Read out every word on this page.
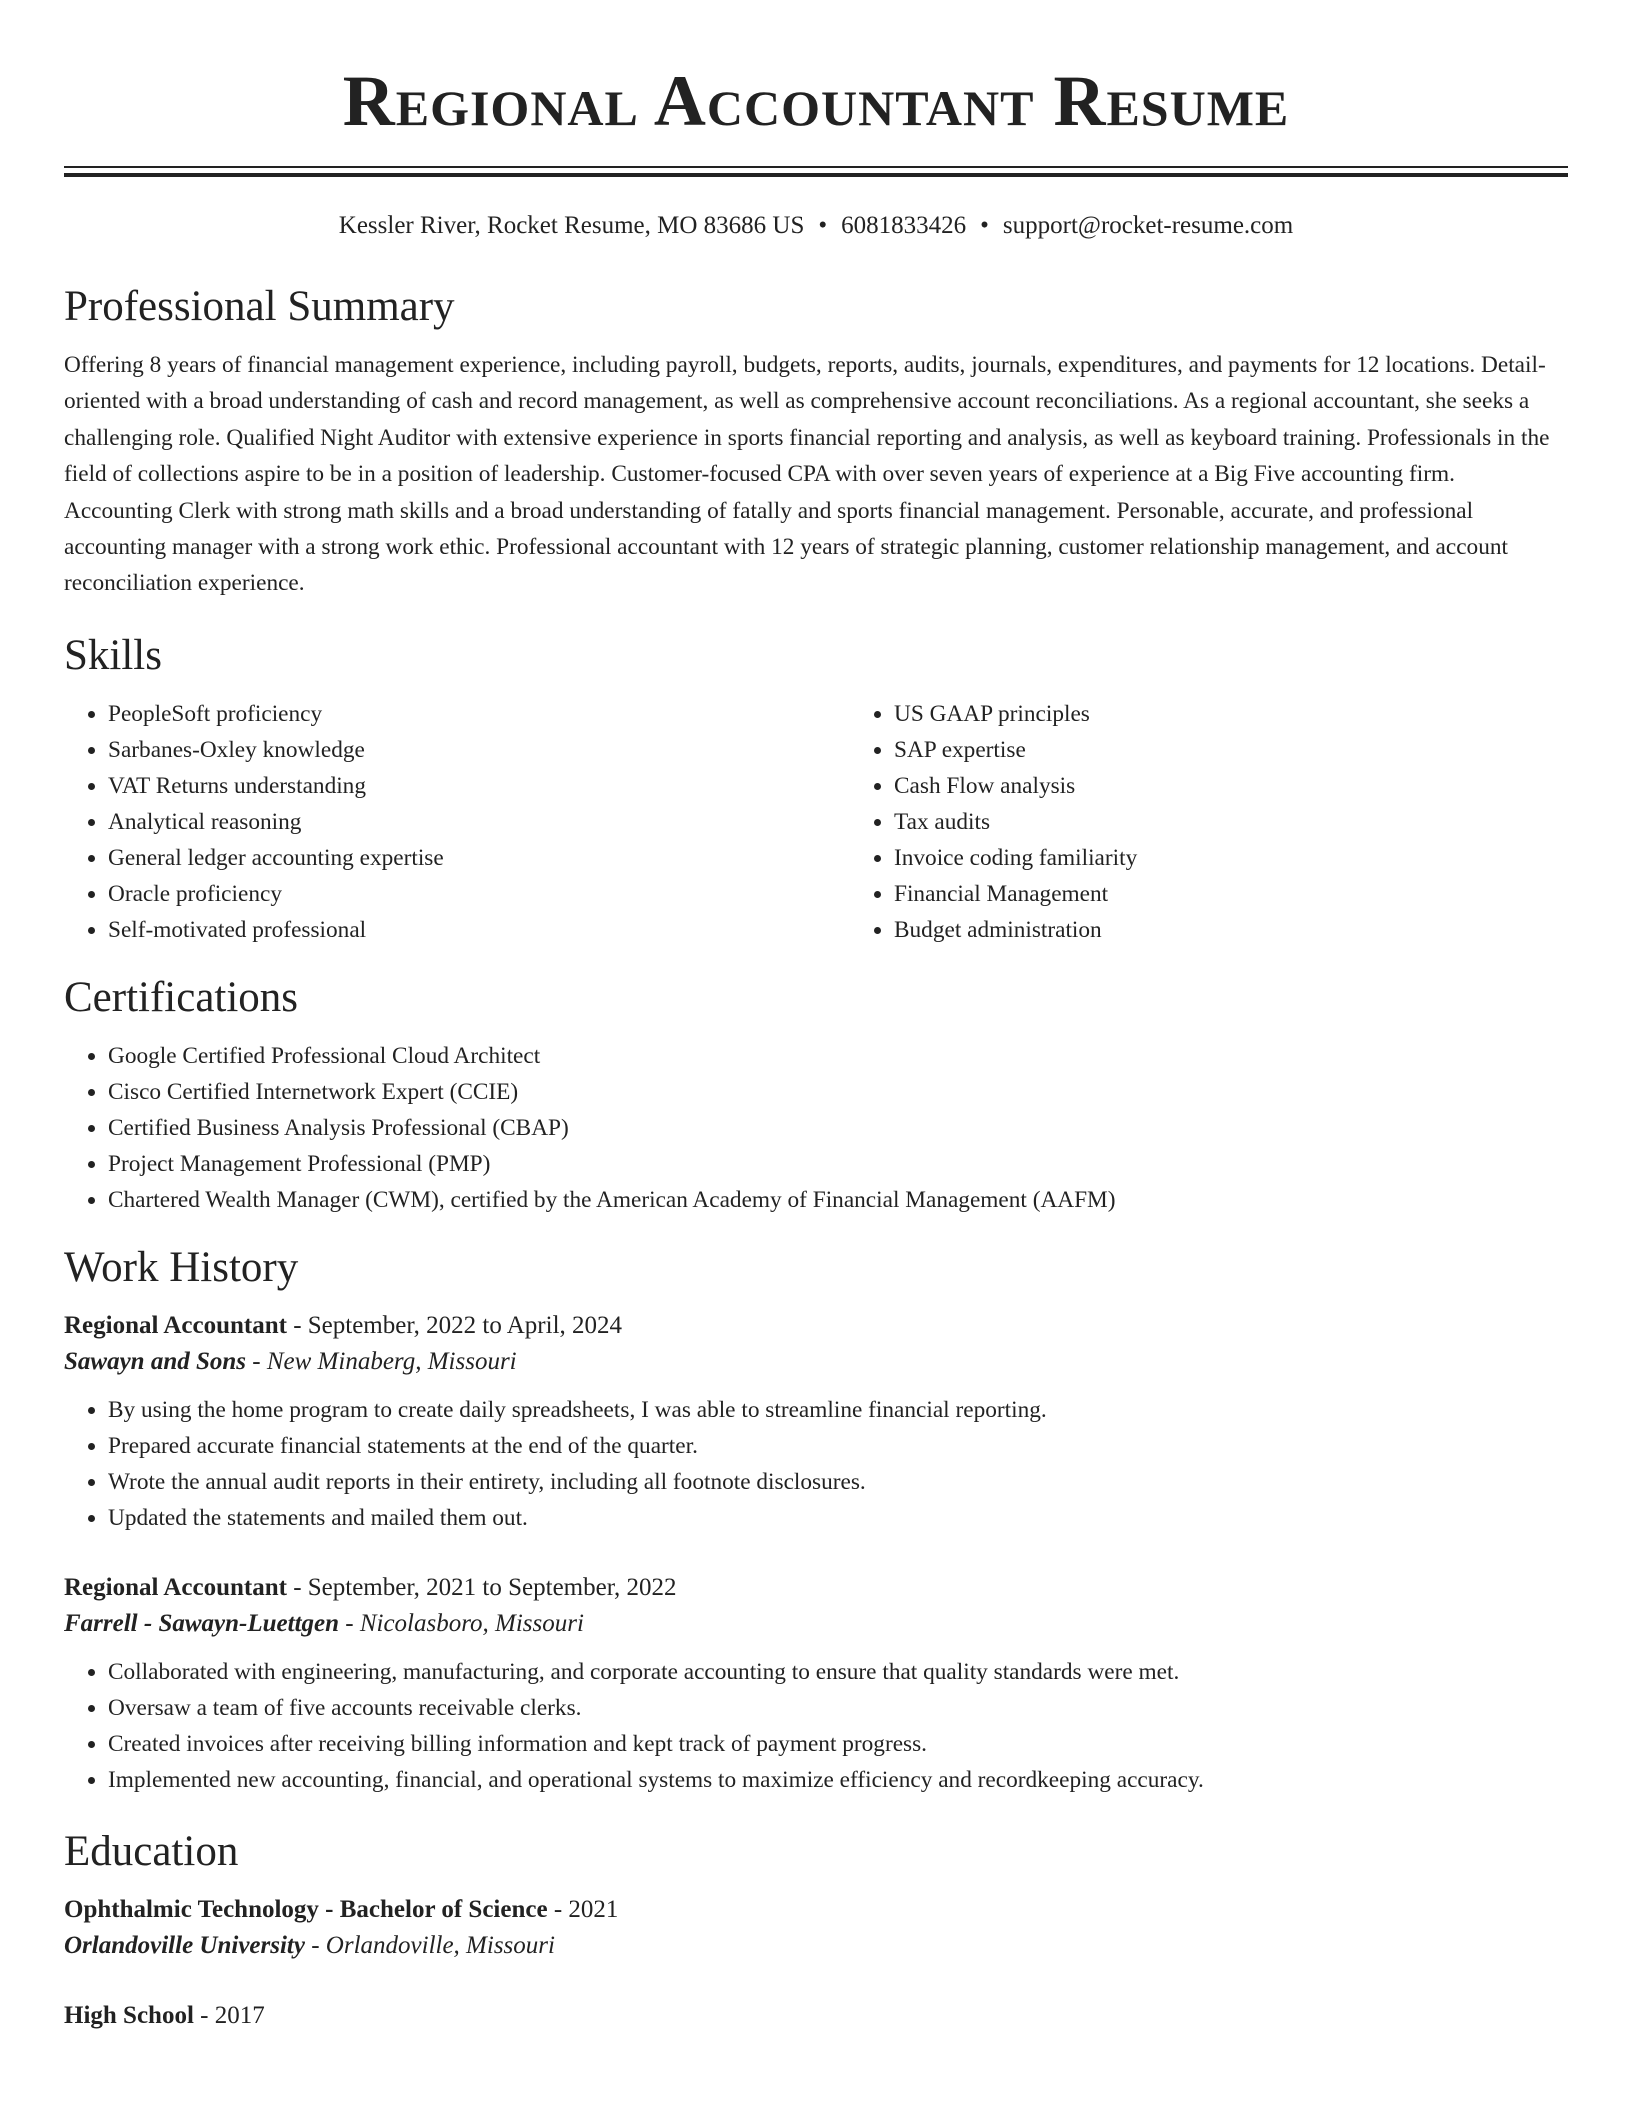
Regional Accountant Resume
Kessler River, Rocket Resume, MO 83686 US • 6081833426 • support@rocket-resume.com
Professional Summary

Offering 8 years of financial management experience, including payroll, budgets, reports, audits, journals, expenditures, and payments for 12 locations. Detail-oriented with a broad understanding of cash and record management, as well as comprehensive account reconciliations. As a regional accountant, she seeks a challenging role. Qualified Night Auditor with extensive experience in sports financial reporting and analysis, as well as keyboard training. Professionals in the field of collections aspire to be in a position of leadership. Customer-focused CPA with over seven years of experience at a Big Five accounting firm. Accounting Clerk with strong math skills and a broad understanding of fatally and sports financial management. Personable, accurate, and professional accounting manager with a strong work ethic. Professional accountant with 12 years of strategic planning, customer relationship management, and account reconciliation experience.

Skills
• PeopleSoft proficiency
• Sarbanes-Oxley knowledge
• VAT Returns understanding
• Analytical reasoning
• General ledger accounting expertise
• Oracle proficiency
• Self-motivated professional
• US GAAP principles
• SAP expertise
• Cash Flow analysis
• Tax audits
• Invoice coding familiarity
• Financial Management
• Budget administration
Certifications
• Google Certified Professional Cloud Architect
• Cisco Certified Internetwork Expert (CCIE)
• Certified Business Analysis Professional (CBAP)
• Project Management Professional (PMP)
• Chartered Wealth Manager (CWM), certified by the American Academy of Financial Management (AAFM)
Work History
Regional Accountant - September, 2022 to April, 2024
Sawayn and Sons - New Minaberg, Missouri
• By using the home program to create daily spreadsheets, I was able to streamline financial reporting.
• Prepared accurate financial statements at the end of the quarter.
• Wrote the annual audit reports in their entirety, including all footnote disclosures.
• Updated the statements and mailed them out.
Regional Accountant - September, 2021 to September, 2022
Farrell - Sawayn-Luettgen - Nicolasboro, Missouri
• Collaborated with engineering, manufacturing, and corporate accounting to ensure that quality standards were met.
• Oversaw a team of five accounts receivable clerks.
• Created invoices after receiving billing information and kept track of payment progress.
• Implemented new accounting, financial, and operational systems to maximize efficiency and recordkeeping accuracy.
Education
Ophthalmic Technology - Bachelor of Science - 2021
Orlandoville University - Orlandoville, Missouri
High School - 2017
